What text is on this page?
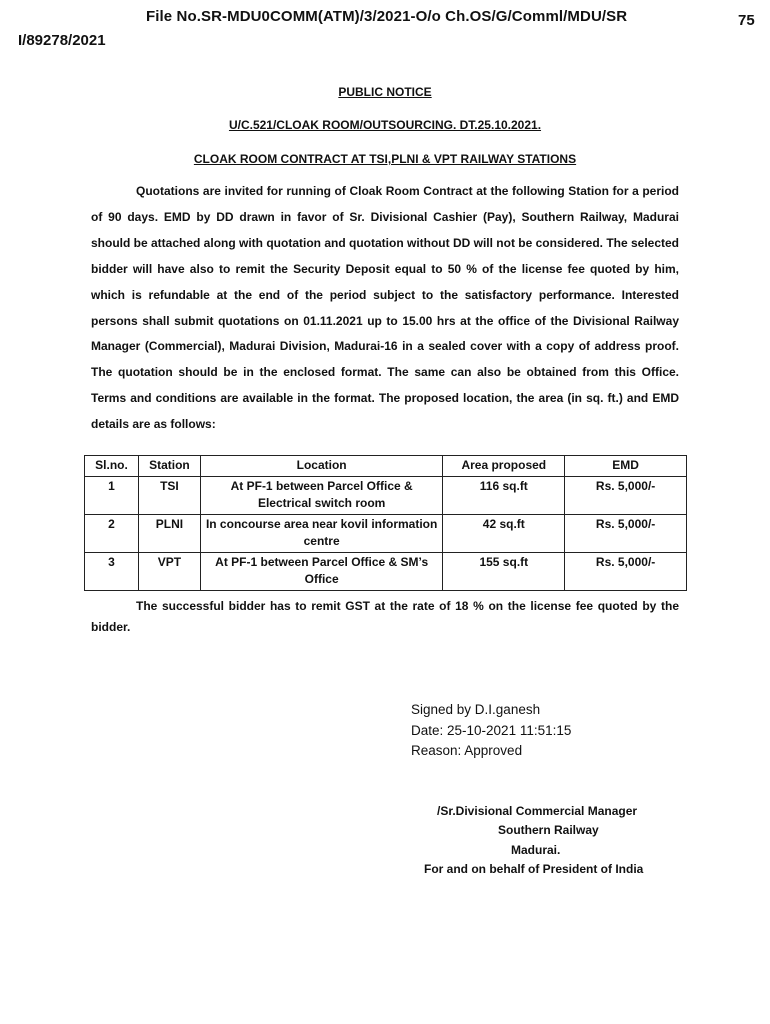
File No.SR-MDU0COMM(ATM)/3/2021-O/o Ch.OS/G/Comml/MDU/SR
I/89278/2021
75
PUBLIC NOTICE
U/C.521/CLOAK ROOM/OUTSOURCING. DT.25.10.2021.
CLOAK ROOM CONTRACT AT TSI,PLNI & VPT RAILWAY STATIONS
Quotations are invited for running of Cloak Room Contract at the following Station for a period of 90 days. EMD by DD drawn in favor of Sr. Divisional Cashier (Pay), Southern Railway, Madurai should be attached along with quotation and quotation without DD will not be considered. The selected bidder will have also to remit the Security Deposit equal to 50 % of the license fee quoted by him, which is refundable at the end of the period subject to the satisfactory performance. Interested persons shall submit quotations on 01.11.2021 up to 15.00 hrs at the office of the Divisional Railway Manager (Commercial), Madurai Division, Madurai-16 in a sealed cover with a copy of address proof. The quotation should be in the enclosed format. The same can also be obtained from this Office. Terms and conditions are available in the format. The proposed location, the area (in sq. ft.) and EMD details are as follows:
Sl.no.	Station	Location	Area proposed	EMD
1	TSI	At PF-1 between Parcel Office & Electrical switch room	116 sq.ft	Rs. 5,000/-
2	PLNI	In concourse area near kovil information centre	42 sq.ft	Rs. 5,000/-
3	VPT	At PF-1 between Parcel Office & SM’s Office	155 sq.ft	Rs. 5,000/-
The successful bidder has to remit GST at the rate of 18 % on the license fee quoted by the bidder.
Signed by D.I.ganesh
Date: 25-10-2021 11:51:15
Reason: Approved
/Sr.Divisional Commercial Manager
Southern Railway
Madurai.
For and on behalf of President of India
